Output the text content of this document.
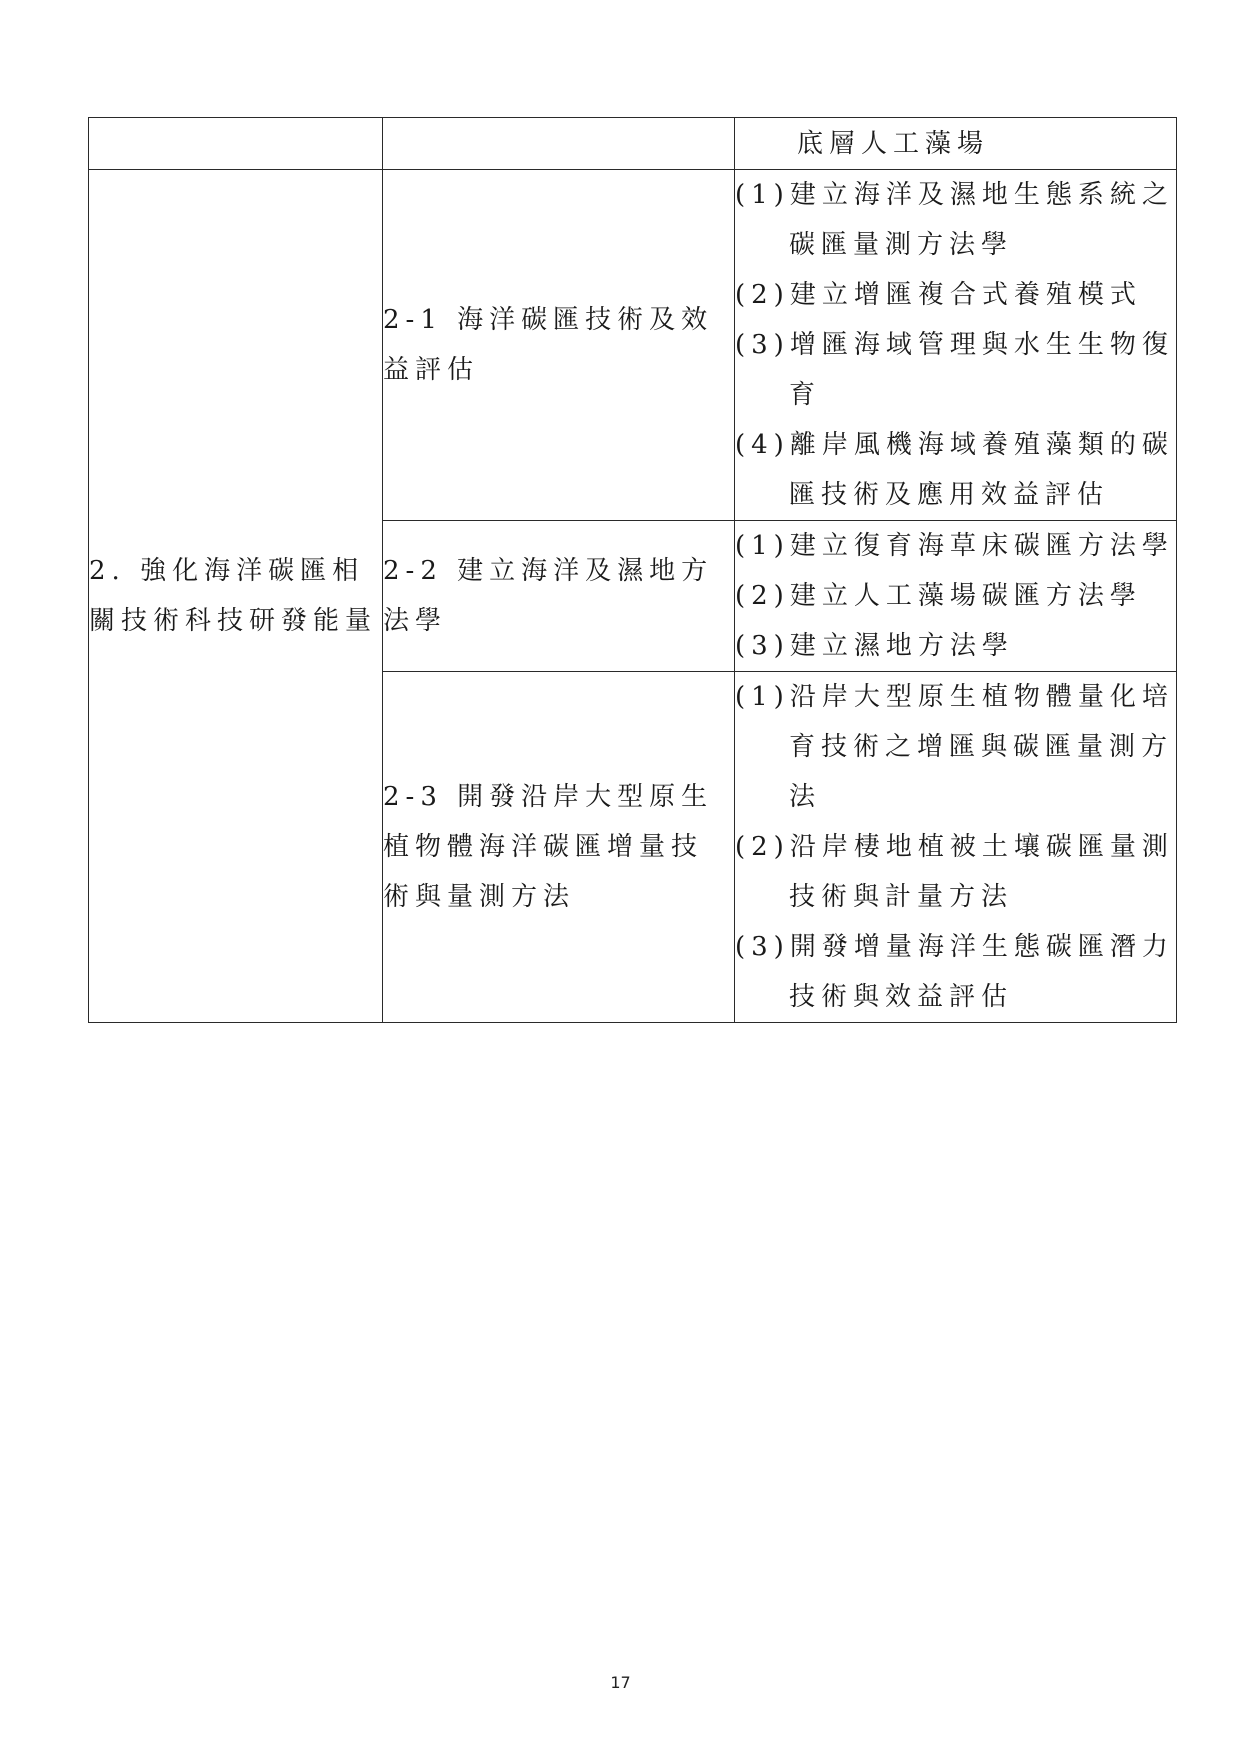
		底層人工藻場
2. 強化海洋碳匯相關技術科技研發能量	2-1 海洋碳匯技術及效益評估	(1)建立海洋及濕地生態系統之碳匯量測方法學
(2)建立增匯複合式養殖模式
(3)增匯海域管理與水生生物復育
(4)離岸風機海域養殖藻類的碳匯技術及應用效益評估

	2-2 建立海洋及濕地方法學	(1)建立復育海草床碳匯方法學
(2)建立人工藻場碳匯方法學
(3)建立濕地方法學

	2-3 開發沿岸大型原生植物體海洋碳匯增量技術與量測方法	(1)沿岸大型原生植物體量化培育技術之增匯與碳匯量測方法
(2)沿岸棲地植被土壤碳匯量測技術與計量方法
(3)開發增量海洋生態碳匯潛力技術與效益評估
17
